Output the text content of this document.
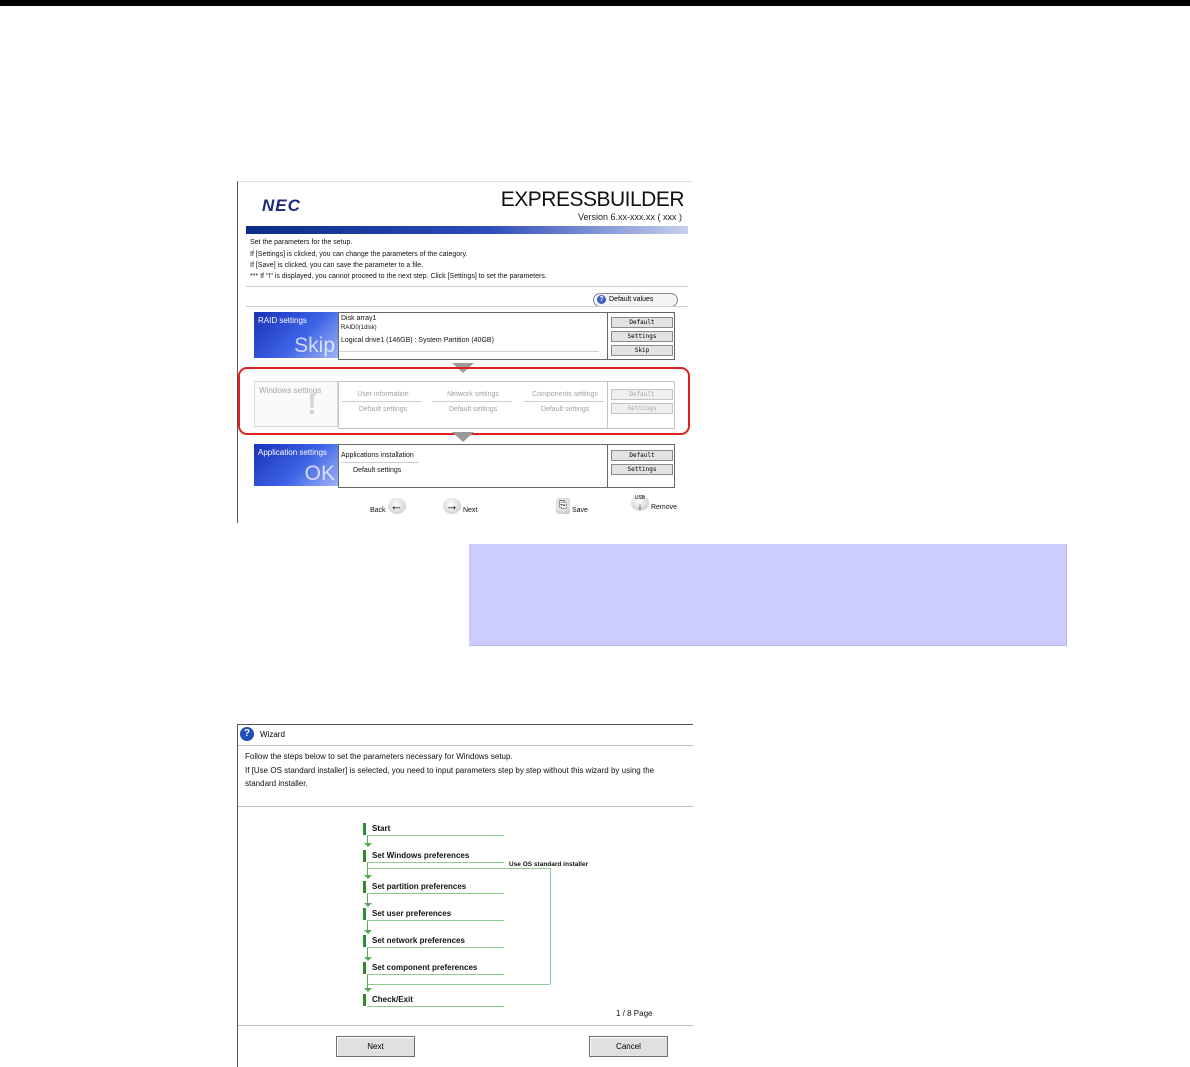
NEC	EXPRESSBUILDER
Version 6.xx-xxx.xx ( xxx )
Set the parameters for the setup.
If [Settings] is clicked, you can change the parameters of the category.
If [Save] is clicked, you can save the parameter to a file.
*** If "!" is displayed, you cannot proceed to the next step. Click [Settings] to set the parameters.
? Default values
RAID settings
Skip
Disk array1
RAID0(1disk)
Logical drive1 (146GB) : System Partition (40GB)
Default
Settings
Skip
Windows settings
!	User information
Default settings
Network settings
Default settings
Components settings
Default settings
Default
Settings
Application settings
OK
Applications installation
Default settings
Default
Settings
Back ←	→ Next	⎘ Save
USB
↓ Remove
?	Wizard
Follow the steps below to set the parameters necessary for Windows setup.
If [Use OS standard installer] is selected, you need to input parameters step by step without this wizard by using the
standard installer.
Start
Set Windows preferences
Use OS standard installer
Set partition preferences
Set user preferences
Set network preferences
Set component preferences
Check/Exit
1 / 8 Page
Next	Cancel
